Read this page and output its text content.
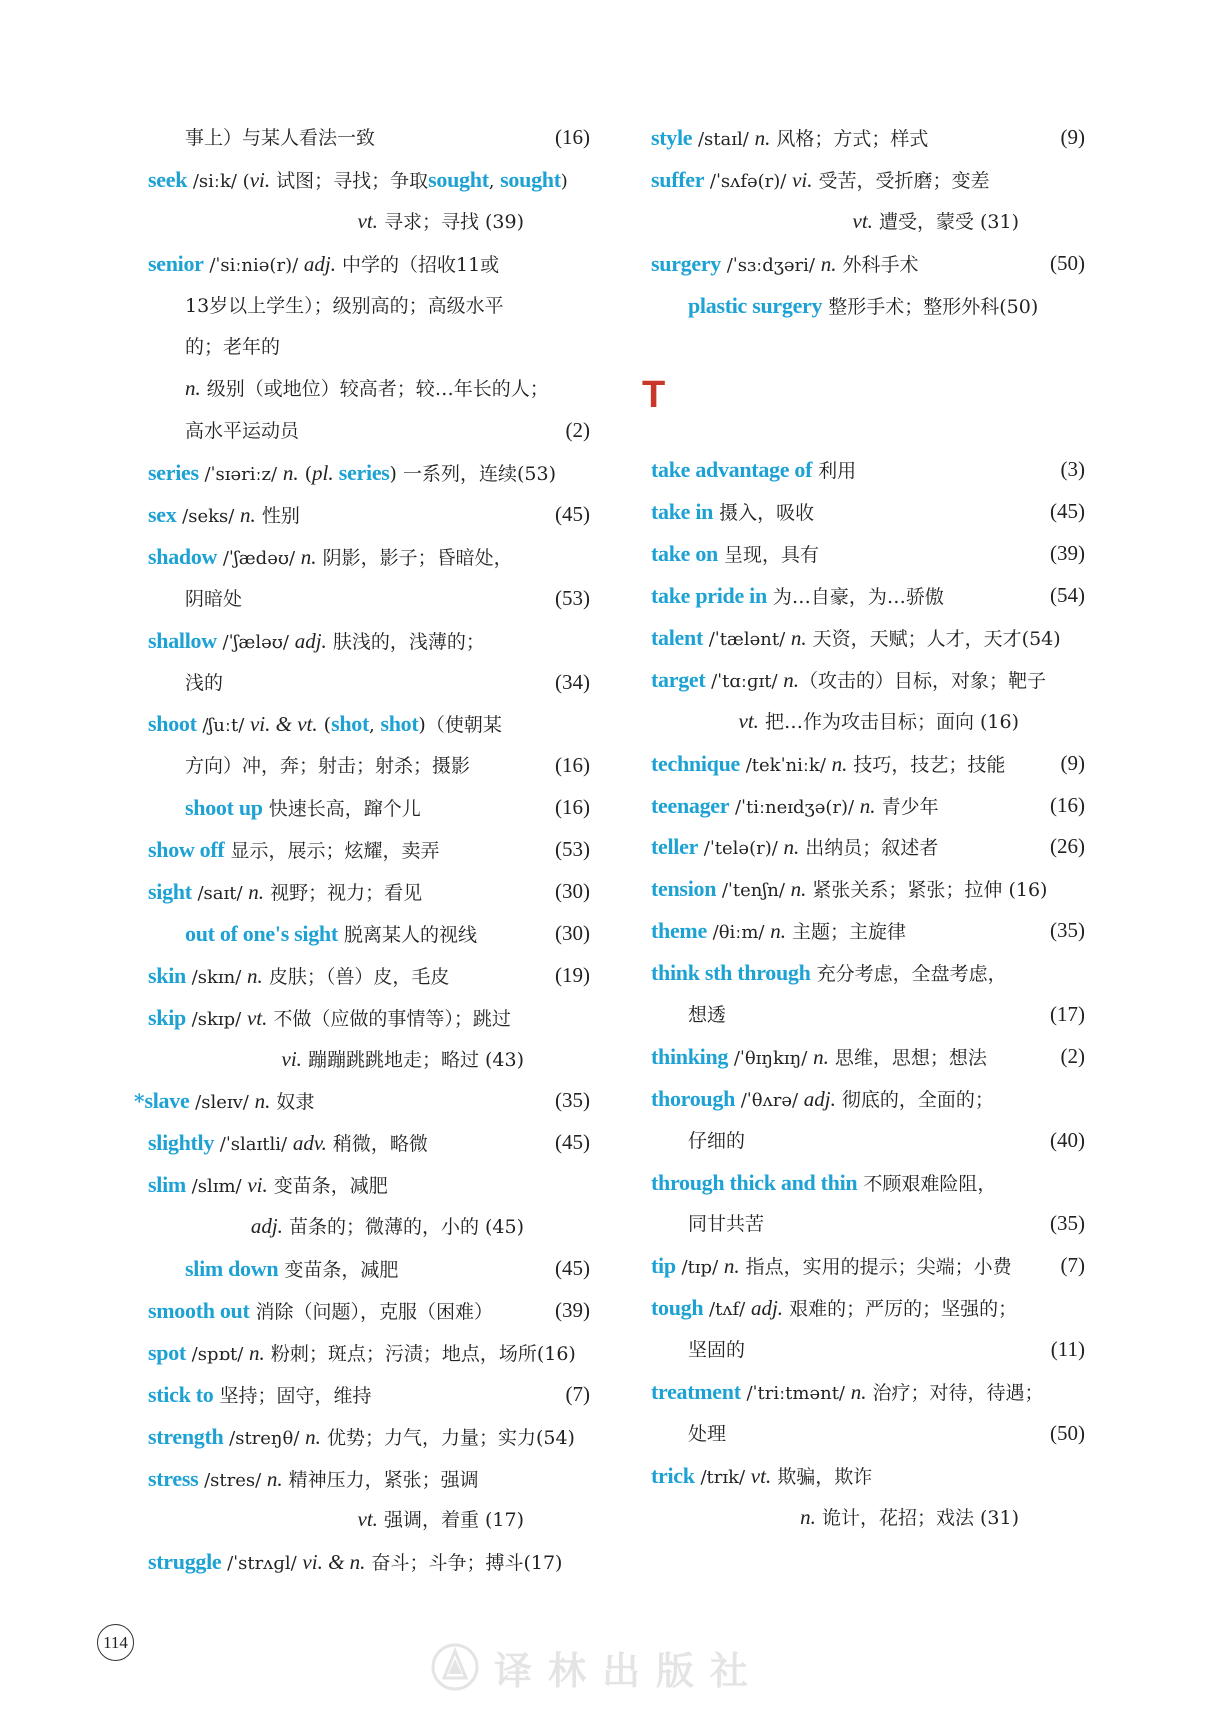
事上）与某人看法一致	(16)
seek /siːk/ (vi. 试图；寻找；争取sought, sought)
vt. 寻求；寻找 (39)
senior /ˈsiːniə(r)/ adj. 中学的（招收11或
13岁以上学生）；级别高的；高级水平
的；老年的
n. 级别（或地位）较高者；较…年长的人；
高水平运动员	(2)
series /ˈsɪəriːz/ n. (pl. series) 一系列，连续(53)
sex /seks/ n. 性别	(45)
shadow /ˈʃædəʊ/ n. 阴影，影子；昏暗处，
阴暗处	(53)
shallow /ˈʃæləʊ/ adj. 肤浅的，浅薄的；
浅的	(34)
shoot /ʃuːt/ vi. & vt. (shot, shot)（使朝某
方向）冲，奔；射击；射杀；摄影	(16)
shoot up 快速长高，蹿个儿	(16)
show off 显示，展示；炫耀，卖弄	(53)
sight /saɪt/ n. 视野；视力；看见	(30)
out of one's sight 脱离某人的视线	(30)
skin /skɪn/ n. 皮肤；（兽）皮，毛皮	(19)
skip /skɪp/ vt. 不做（应做的事情等）；跳过
vi. 蹦蹦跳跳地走；略过 (43)
*slave /sleɪv/ n. 奴隶	(35)
slightly /ˈslaɪtli/ adv. 稍微，略微	(45)
slim /slɪm/ vi. 变苗条，减肥
adj. 苗条的；微薄的，小的 (45)
slim down 变苗条，减肥	(45)
smooth out 消除（问题），克服（困难）	(39)
spot /spɒt/ n. 粉刺；斑点；污渍；地点，场所(16)
stick to 坚持；固守，维持	(7)
strength /streŋθ/ n. 优势；力气，力量；实力(54)
stress /stres/ n. 精神压力，紧张；强调
vt. 强调，着重 (17)
struggle /ˈstrʌɡl/ vi. & n. 奋斗；斗争；搏斗(17)
style /staɪl/ n. 风格；方式；样式	(9)
suffer /ˈsʌfə(r)/ vi. 受苦，受折磨；变差
vt. 遭受，蒙受 (31)
surgery /ˈsɜːdʒəri/ n. 外科手术	(50)
plastic surgery 整形手术；整形外科(50)
take advantage of 利用	(3)
take in 摄入，吸收	(45)
take on 呈现，具有	(39)
take pride in 为…自豪，为…骄傲	(54)
talent /ˈtælənt/ n. 天资，天赋；人才，天才(54)
target /ˈtɑːɡɪt/ n.（攻击的）目标，对象；靶子
vt. 把…作为攻击目标；面向 (16)
technique /tekˈniːk/ n. 技巧，技艺；技能	(9)
teenager /ˈtiːneɪdʒə(r)/ n. 青少年	(16)
teller /ˈtelə(r)/ n. 出纳员；叙述者	(26)
tension /ˈtenʃn/ n. 紧张关系；紧张；拉伸 (16)
theme /θiːm/ n. 主题；主旋律	(35)
think sth through 充分考虑，全盘考虑，
想透	(17)
thinking /ˈθɪŋkɪŋ/ n. 思维，思想；想法	(2)
thorough /ˈθʌrə/ adj. 彻底的，全面的；
仔细的	(40)
through thick and thin 不顾艰难险阻，
同甘共苦	(35)
tip /tɪp/ n. 指点，实用的提示；尖端；小费 (7)
tough /tʌf/ adj. 艰难的；严厉的；坚强的；
坚固的	(11)
treatment /ˈtriːtmənt/ n. 治疗；对待，待遇；
处理	(50)
trick /trɪk/ vt. 欺骗，欺诈
n. 诡计，花招；戏法 (31)
T
114
译林出版社
